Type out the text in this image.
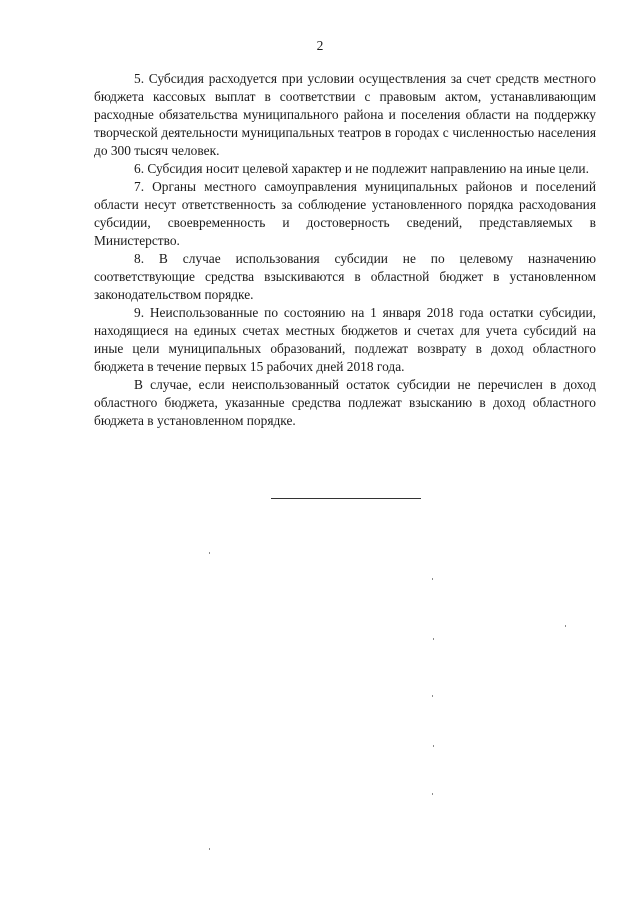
2

5. Субсидия расходуется при условии осуществления за счет средств местного бюджета кассовых выплат в соответствии с правовым актом, устанавливающим расходные обязательства муниципального района и поселения области на поддержку творческой деятельности муниципальных театров в городах с численностью населения до 300 тысяч человек.

6. Субсидия носит целевой характер и не подлежит направлению на иные цели.

7. Органы местного самоуправления муниципальных районов и поселений области несут ответственность за соблюдение установленного порядка расходования субсидии, своевременность и достоверность сведений, представляемых в Министерство.

8. В случае использования субсидии не по целевому назначению соответствующие средства взыскиваются в областной бюджет в установленном законодательством порядке.

9. Неиспользованные по состоянию на 1 января 2018 года остатки субсидии, находящиеся на единых счетах местных бюджетов и счетах для учета субсидий на иные цели муниципальных образований, подлежат возврату в доход областного бюджета в течение первых 15 рабочих дней 2018 года.

В случае, если неиспользованный остаток субсидии не перечислен в доход областного бюджета, указанные средства подлежат взысканию в доход областного бюджета в установленном порядке.
